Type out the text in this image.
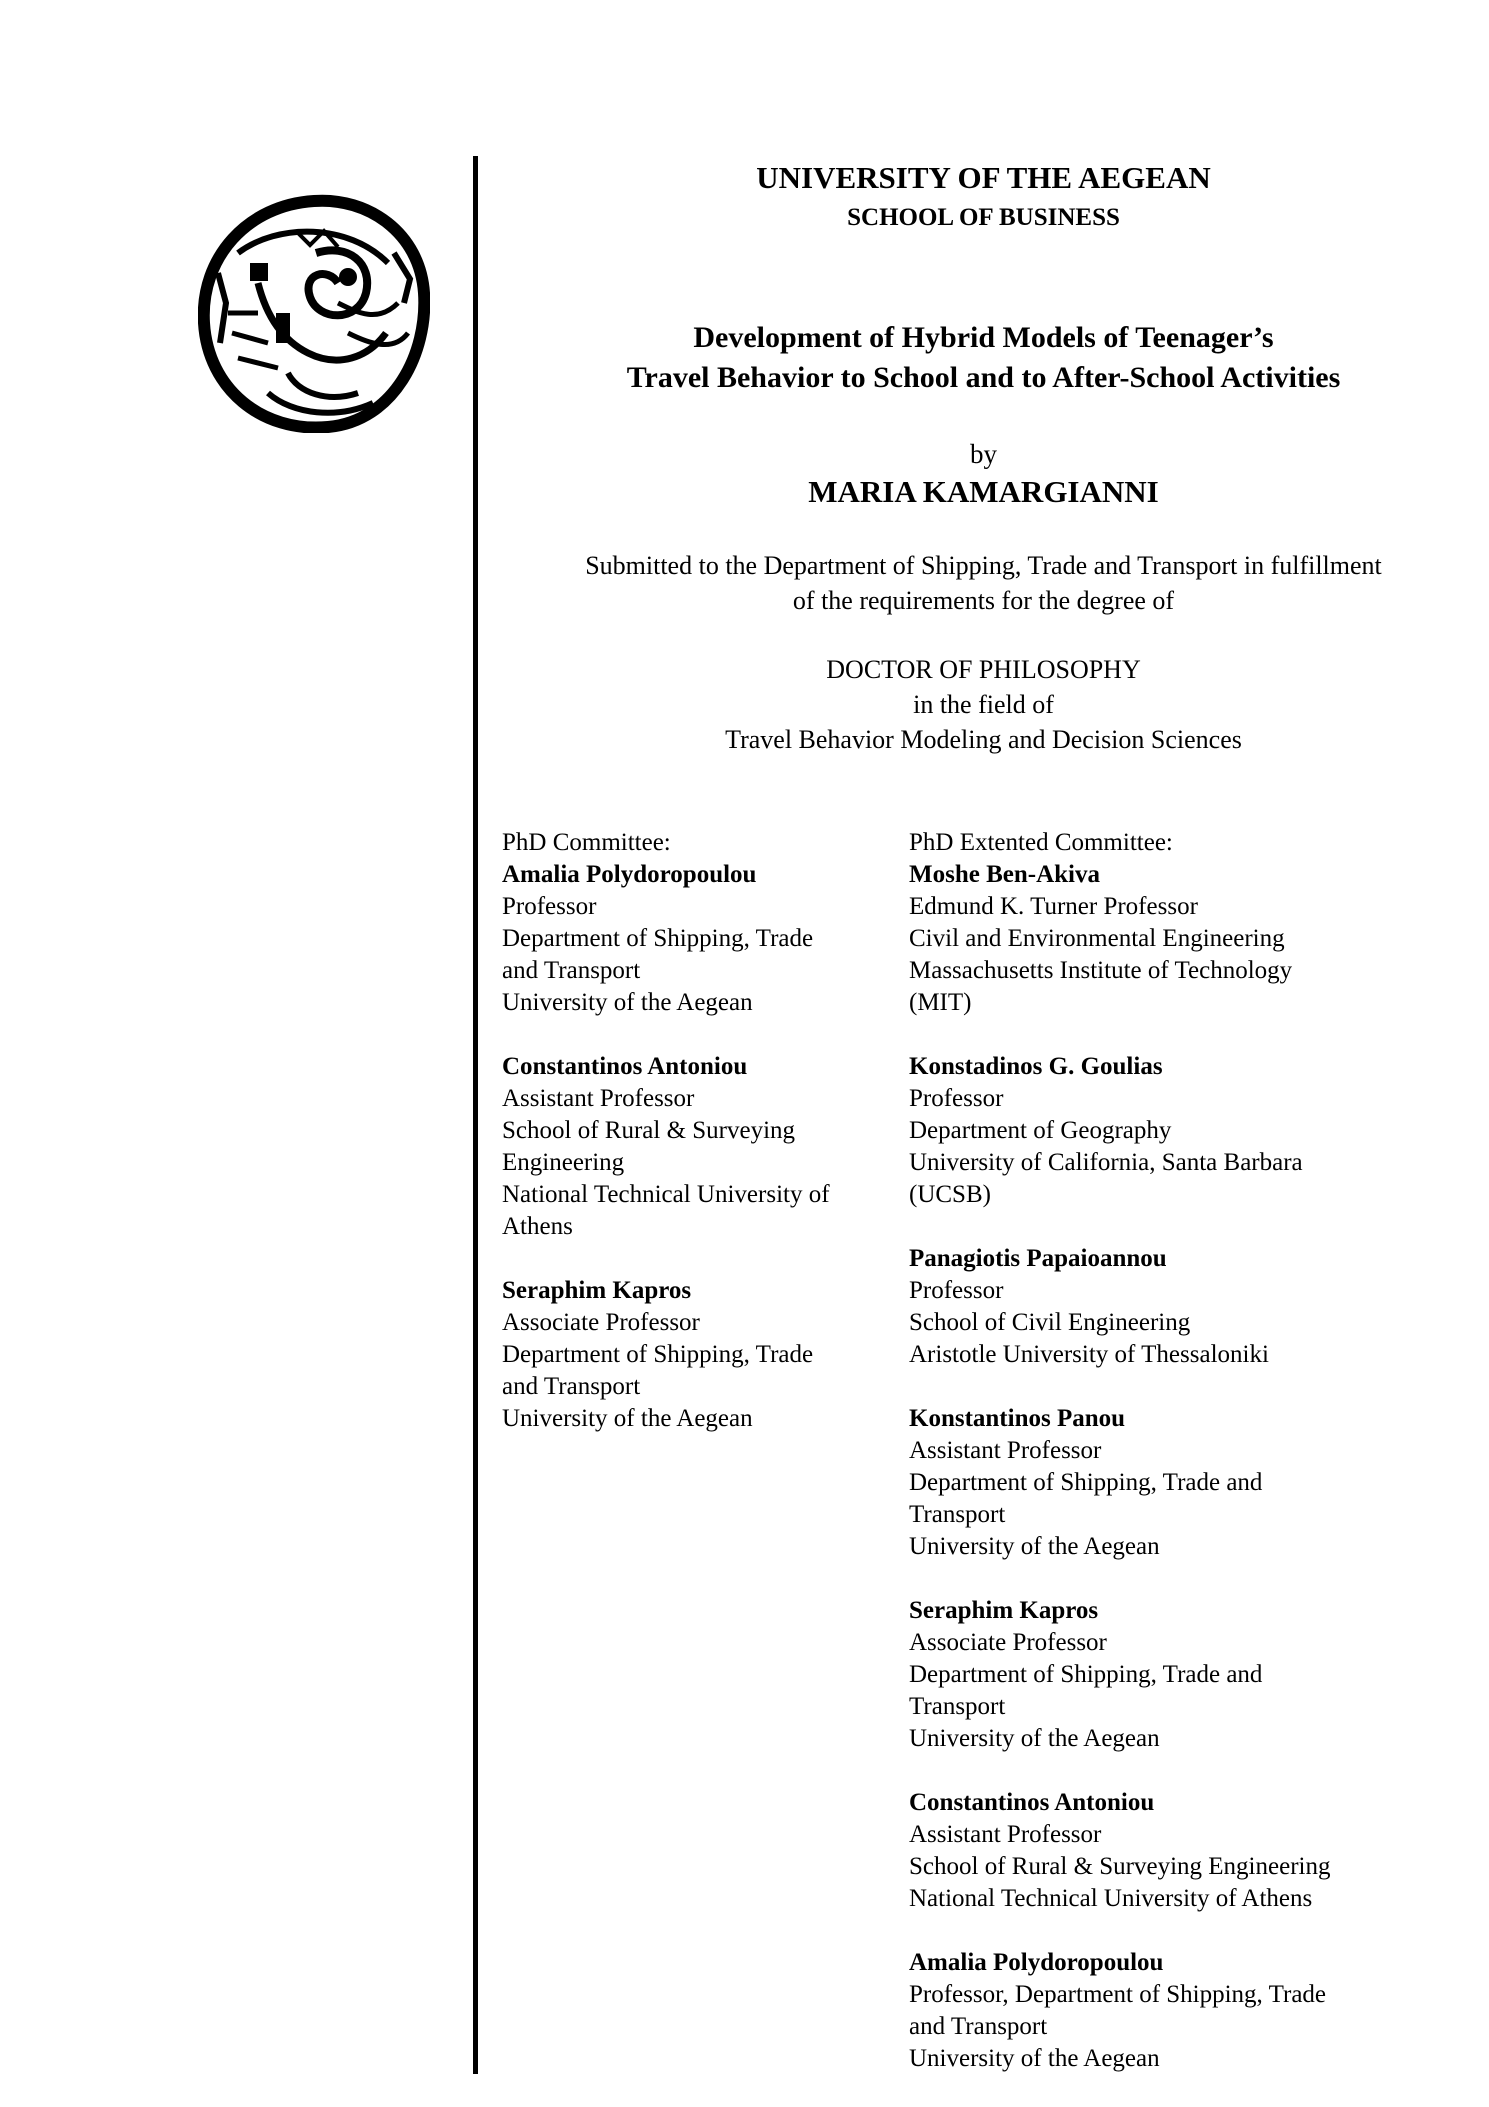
UNIVERSITY OF THE AEGEAN
SCHOOL OF BUSINESS
Development of Hybrid Models of Teenager’s
Travel Behavior to School and to After-School Activities
by
MARIA KAMARGIANNI
Submitted to the Department of Shipping, Trade and Transport in fulfillment
of the requirements for the degree of
DOCTOR OF PHILOSOPHY
in the field of
Travel Behavior Modeling and Decision Sciences
PhD Committee:
Amalia Polydoropoulou
Professor
Department of Shipping, Trade
and Transport
University of the Aegean
Constantinos Antoniou
Assistant Professor
School of Rural & Surveying
Engineering
National Technical University of
Athens
Seraphim Kapros
Associate Professor
Department of Shipping, Trade
and Transport
University of the Aegean
PhD Extented Committee:
Moshe Ben-Akiva
Edmund K. Turner Professor
Civil and Environmental Engineering
Massachusetts Institute of Technology
(MIT)
Konstadinos G. Goulias
Professor
Department of Geography
University of California, Santa Barbara
(UCSB)
Panagiotis Papaioannou
Professor
School of Civil Engineering
Aristotle University of Thessaloniki
Konstantinos Panou
Assistant Professor
Department of Shipping, Trade and
Transport
University of the Aegean
Seraphim Kapros
Associate Professor
Department of Shipping, Trade and
Transport
University of the Aegean
Constantinos Antoniou
Assistant Professor
School of Rural & Surveying Engineering
National Technical University of Athens
Amalia Polydoropoulou
Professor, Department of Shipping, Trade
and Transport
University of the Aegean
